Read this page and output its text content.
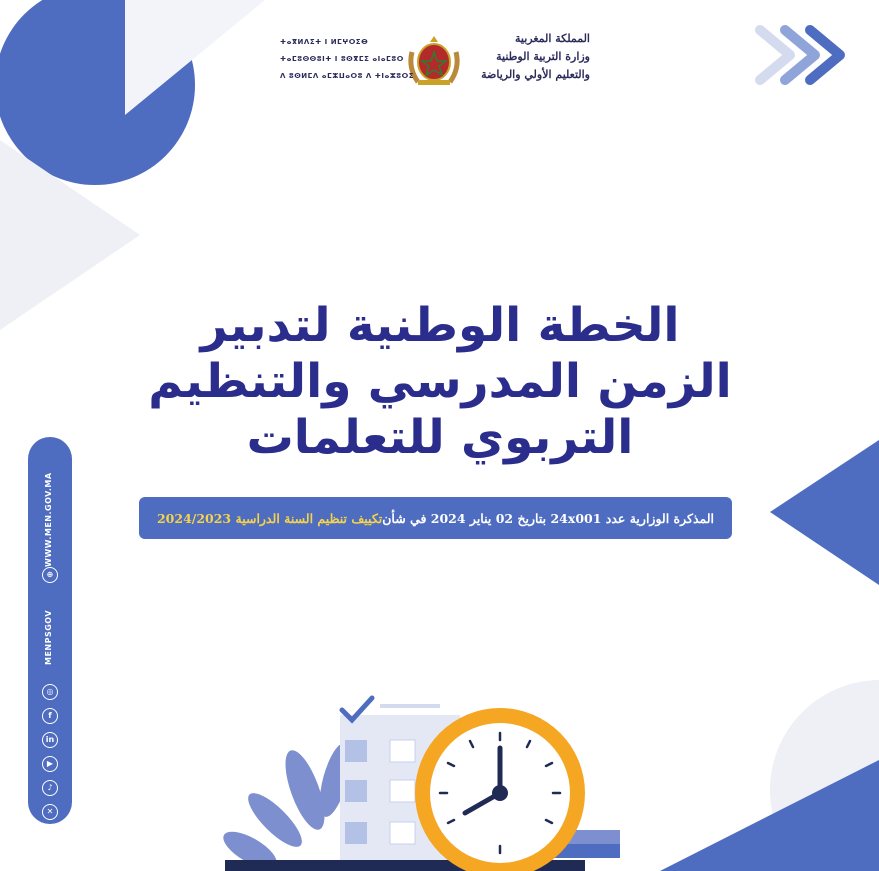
المملكة المغربية
وزارة التربية الوطنية
والتعليم الأولي والرياضة
ⵜⴰⴳⵍⴷⵉⵜ ⵏ ⵍⵎⵖⵔⵉⴱ
ⵜⴰⵎⵓⵙⵙⵓⵏⵜ ⵏ ⵓⵙⴳⵎⵉ ⴰⵏⴰⵎⵓⵔ
ⴷ ⵓⵙⵍⵎⴷ ⴰⵎⵣⵡⴰⵔⵓ ⴷ ⵜⵏⴰⵣⵓⵔⵉ
الخطة الوطنية لتدبير
الزمن المدرسي والتنظيم
التربوي للتعلمات
المذكرة الوزارية عدد 24x001 بتاريخ 02 يناير 2024 في شأن
تكييف تنظيم السنة الدراسية 2024/2023
WWW.MEN.GOV.MA
⊕
MENPSGOV
◎
f
in
▶
♪
✕
